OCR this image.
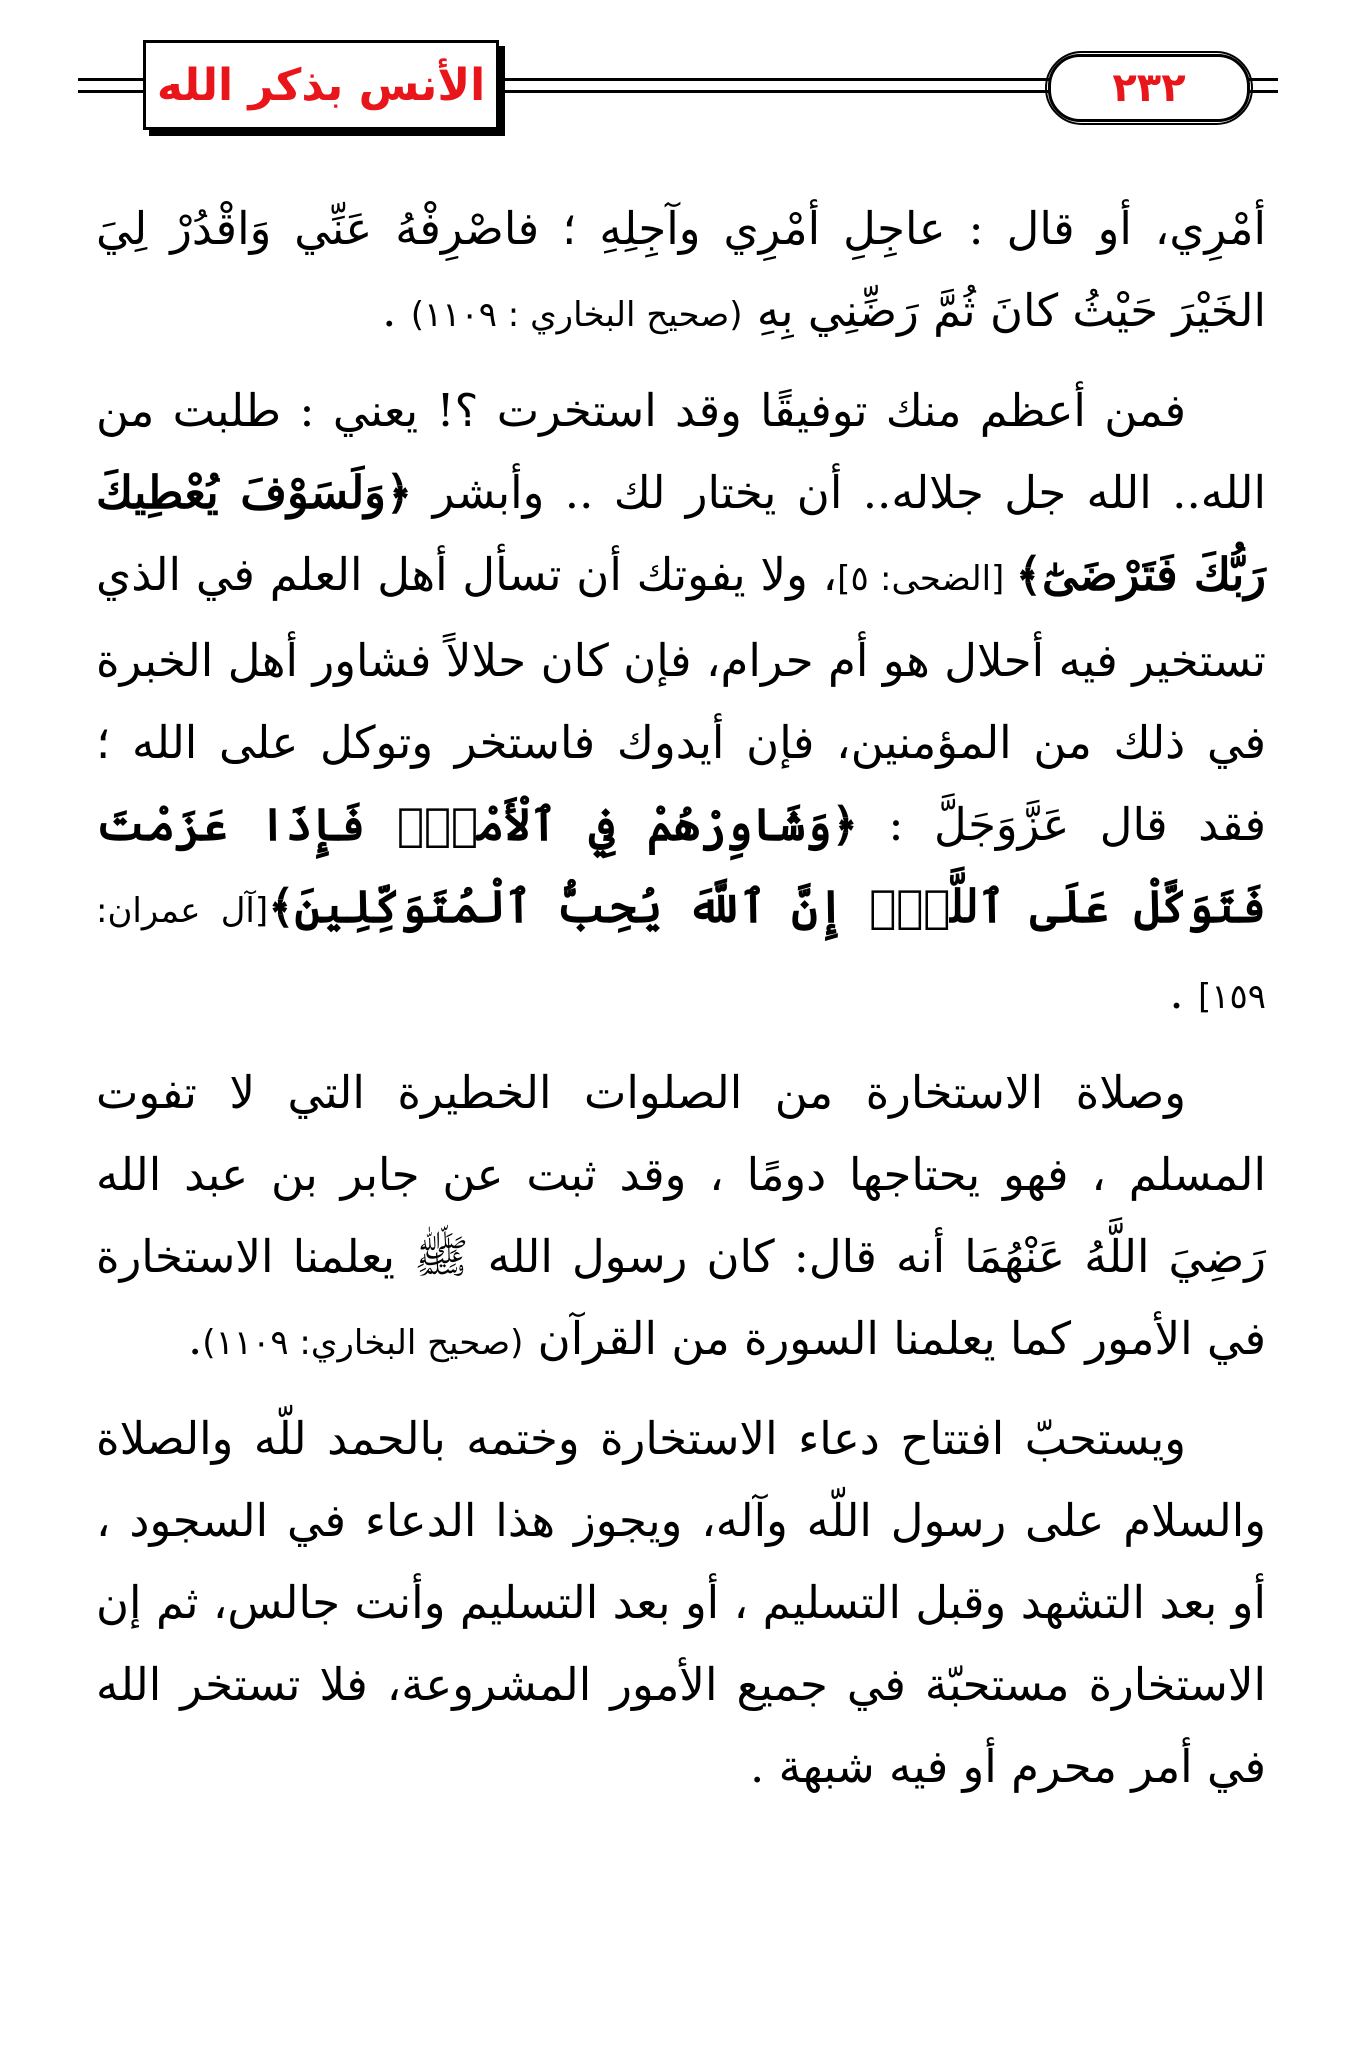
الأنس بذكر الله	٢٣٢

أمْرِي، أو قال : عاجِلِ أمْرِي وآجِلِهِ ؛ فاصْرِفْهُ عَنِّي وَاقْدُرْ لِيَ الخَيْرَ حَيْثُ كانَ ثُمَّ رَضِّنِي بِهِ (صحيح البخاري : ١١٠٩) .

فمن أعظم منك توفيقًا وقد استخرت ؟! يعني : طلبت من الله.. الله جل جلاله.. أن يختار لك .. وأبشر ﴿وَلَسَوْفَ يُعْطِيكَ رَبُّكَ فَتَرْضَىٰٓ﴾ [الضحى: ٥]، ولا يفوتك أن تسأل أهل العلم في الذي تستخير فيه أحلال هو أم حرام، فإن كان حلالاً فشاور أهل الخبرة في ذلك من المؤمنين، فإن أيدوك فاستخر وتوكل على الله ؛ فقد قال عَزَّوَجَلَّ : ﴿وَشَاوِرْهُمْ فِي ٱلْأَمْرِۖ فَإِذَا عَزَمْتَ فَتَوَكَّلْ عَلَى ٱللَّهِۚ إِنَّ ٱللَّهَ يُحِبُّ ٱلْمُتَوَكِّلِينَ﴾[آل عمران: ١٥٩] .

وصلاة الاستخارة من الصلوات الخطيرة التي لا تفوت المسلم ، فهو يحتاجها دومًا ، وقد ثبت عن جابر بن عبد الله رَضِيَ اللَّهُ عَنْهُمَا أنه قال: كان رسول الله ﷺ يعلمنا الاستخارة في الأمور كما يعلمنا السورة من القرآن (صحيح البخاري: ١١٠٩).

ويستحبّ افتتاح دعاء الاستخارة وختمه بالحمد للّه والصلاة والسلام على رسول اللّه وآله، ويجوز هذا الدعاء في السجود ، أو بعد التشهد وقبل التسليم ، أو بعد التسليم وأنت جالس، ثم إن الاستخارة مستحبّة في جميع الأمور المشروعة، فلا تستخر الله في أمر محرم أو فيه شبهة .
